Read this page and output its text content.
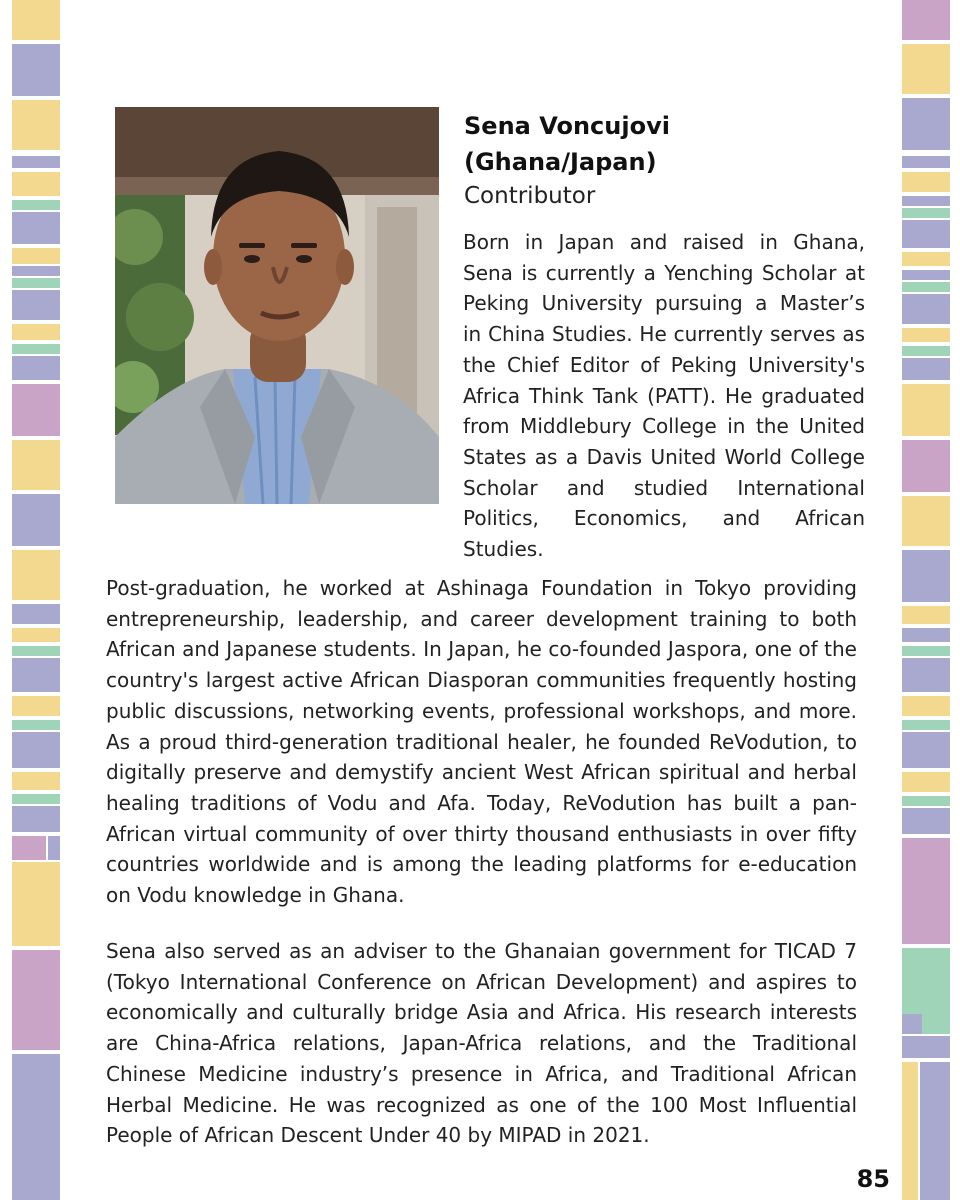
Sena Voncujovi
(Ghana/Japan)
Contributor

Born in Japan and raised in Ghana, Sena is currently a Yenching Scholar at Peking University pursuing a Master’s in China Studies. He currently serves as the Chief Editor of Peking University's Africa Think Tank (PATT). He graduated from Middlebury College in the United States as a Davis United World College Scholar and studied International Politics, Economics, and African Studies.

Post-graduation, he worked at Ashinaga Foundation in Tokyo providing entrepreneurship, leadership, and career development training to both African and Japanese students. In Japan, he co-founded Jaspora, one of the country's largest active African Diasporan communities frequently hosting public discussions, networking events, professional workshops, and more. As a proud third-generation traditional healer, he founded ReVodution, to digitally preserve and demystify ancient West African spiritual and herbal healing traditions of Vodu and Afa. Today, ReVodution has built a pan-African virtual community of over thirty thousand enthusiasts in over fifty countries worldwide and is among the leading platforms for e-education on Vodu knowledge in Ghana.

Sena also served as an adviser to the Ghanaian government for TICAD 7 (Tokyo International Conference on African Development) and aspires to economically and culturally bridge Asia and Africa. His research interests are China-Africa relations, Japan-Africa relations, and the Traditional Chinese Medicine industry’s presence in Africa, and Traditional African Herbal Medicine. He was recognized as one of the 100 Most Influential People of African Descent Under 40 by MIPAD in 2021.

85
